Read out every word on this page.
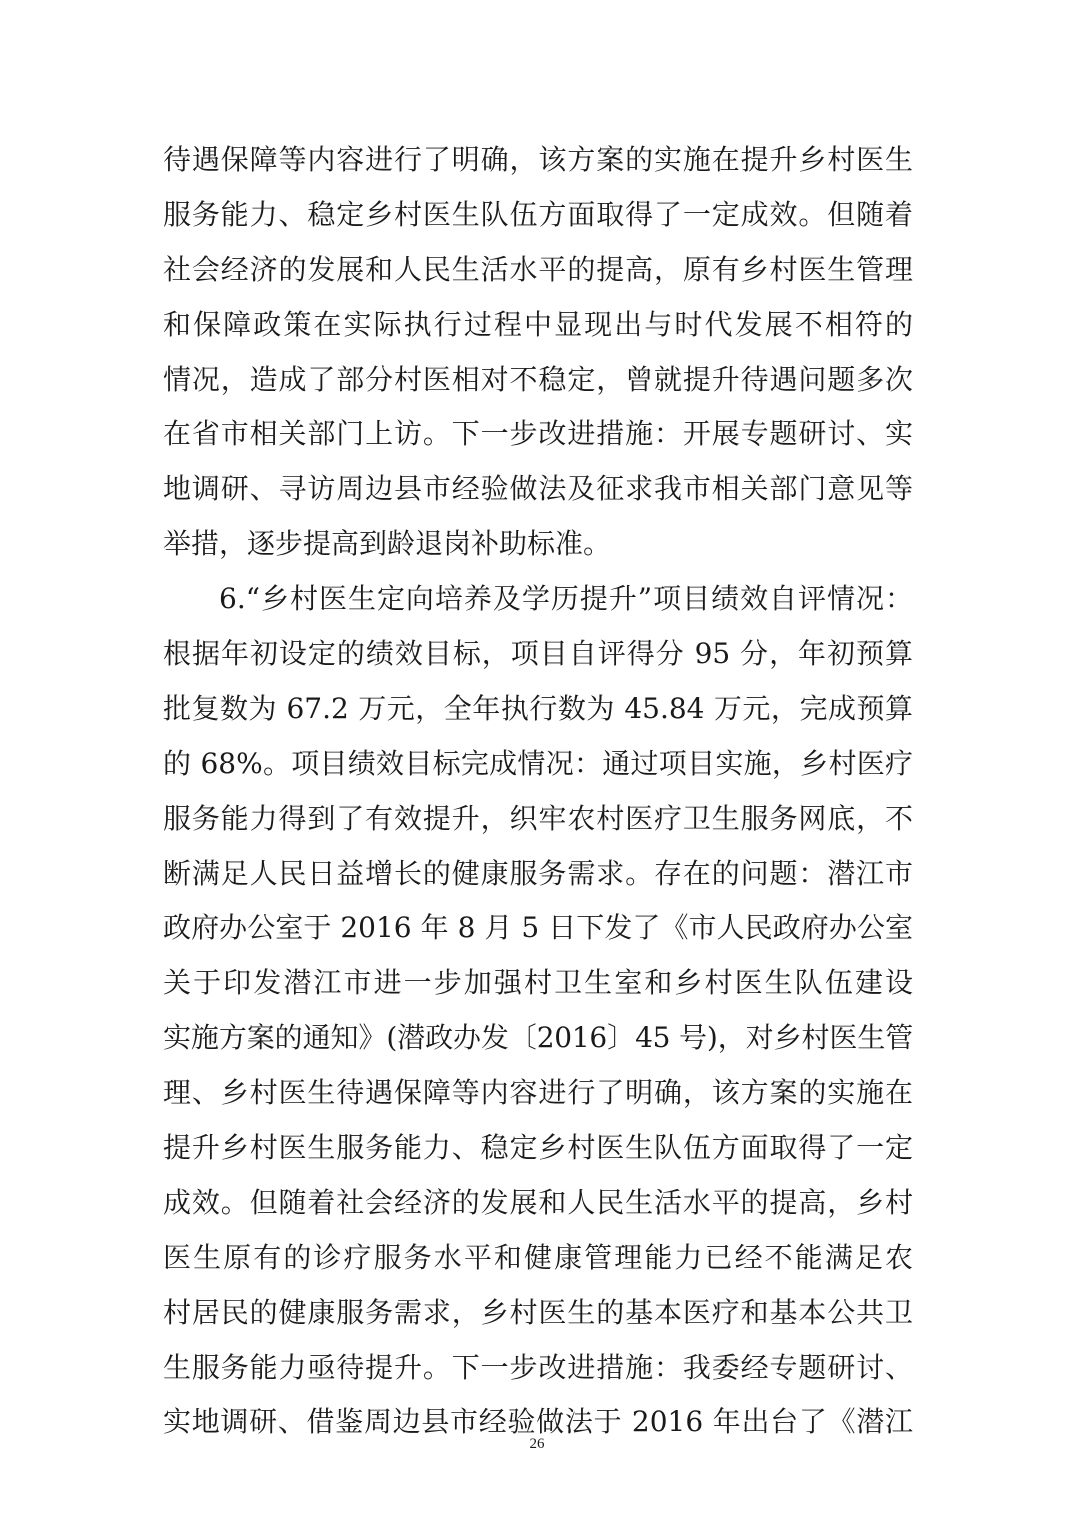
待遇保障等内容进行了明确，该方案的实施在提升乡村医生
服务能力、稳定乡村医生队伍方面取得了一定成效。但随着
社会经济的发展和人民生活水平的提高，原有乡村医生管理
和保障政策在实际执行过程中显现出与时代发展不相符的
情况，造成了部分村医相对不稳定，曾就提升待遇问题多次
在省市相关部门上访。下一步改进措施：开展专题研讨、实
地调研、寻访周边县市经验做法及征求我市相关部门意见等
举措，逐步提高到龄退岗补助标准。
6.“乡村医生定向培养及学历提升”项目绩效自评情况：
根据年初设定的绩效目标，项目自评得分 95 分，年初预算
批复数为 67.2 万元，全年执行数为 45.84 万元，完成预算
的 68%。项目绩效目标完成情况：通过项目实施，乡村医疗
服务能力得到了有效提升，织牢农村医疗卫生服务网底，不
断满足人民日益增长的健康服务需求。存在的问题：潜江市
政府办公室于 2016 年 8 月 5 日下发了《市人民政府办公室
关于印发潜江市进一步加强村卫生室和乡村医生队伍建设
实施方案的通知》(潜政办发〔2016〕45 号)，对乡村医生管
理、乡村医生待遇保障等内容进行了明确，该方案的实施在
提升乡村医生服务能力、稳定乡村医生队伍方面取得了一定
成效。但随着社会经济的发展和人民生活水平的提高，乡村
医生原有的诊疗服务水平和健康管理能力已经不能满足农
村居民的健康服务需求，乡村医生的基本医疗和基本公共卫
生服务能力亟待提升。下一步改进措施：我委经专题研讨、
实地调研、借鉴周边县市经验做法于 2016 年出台了《潜江
26
